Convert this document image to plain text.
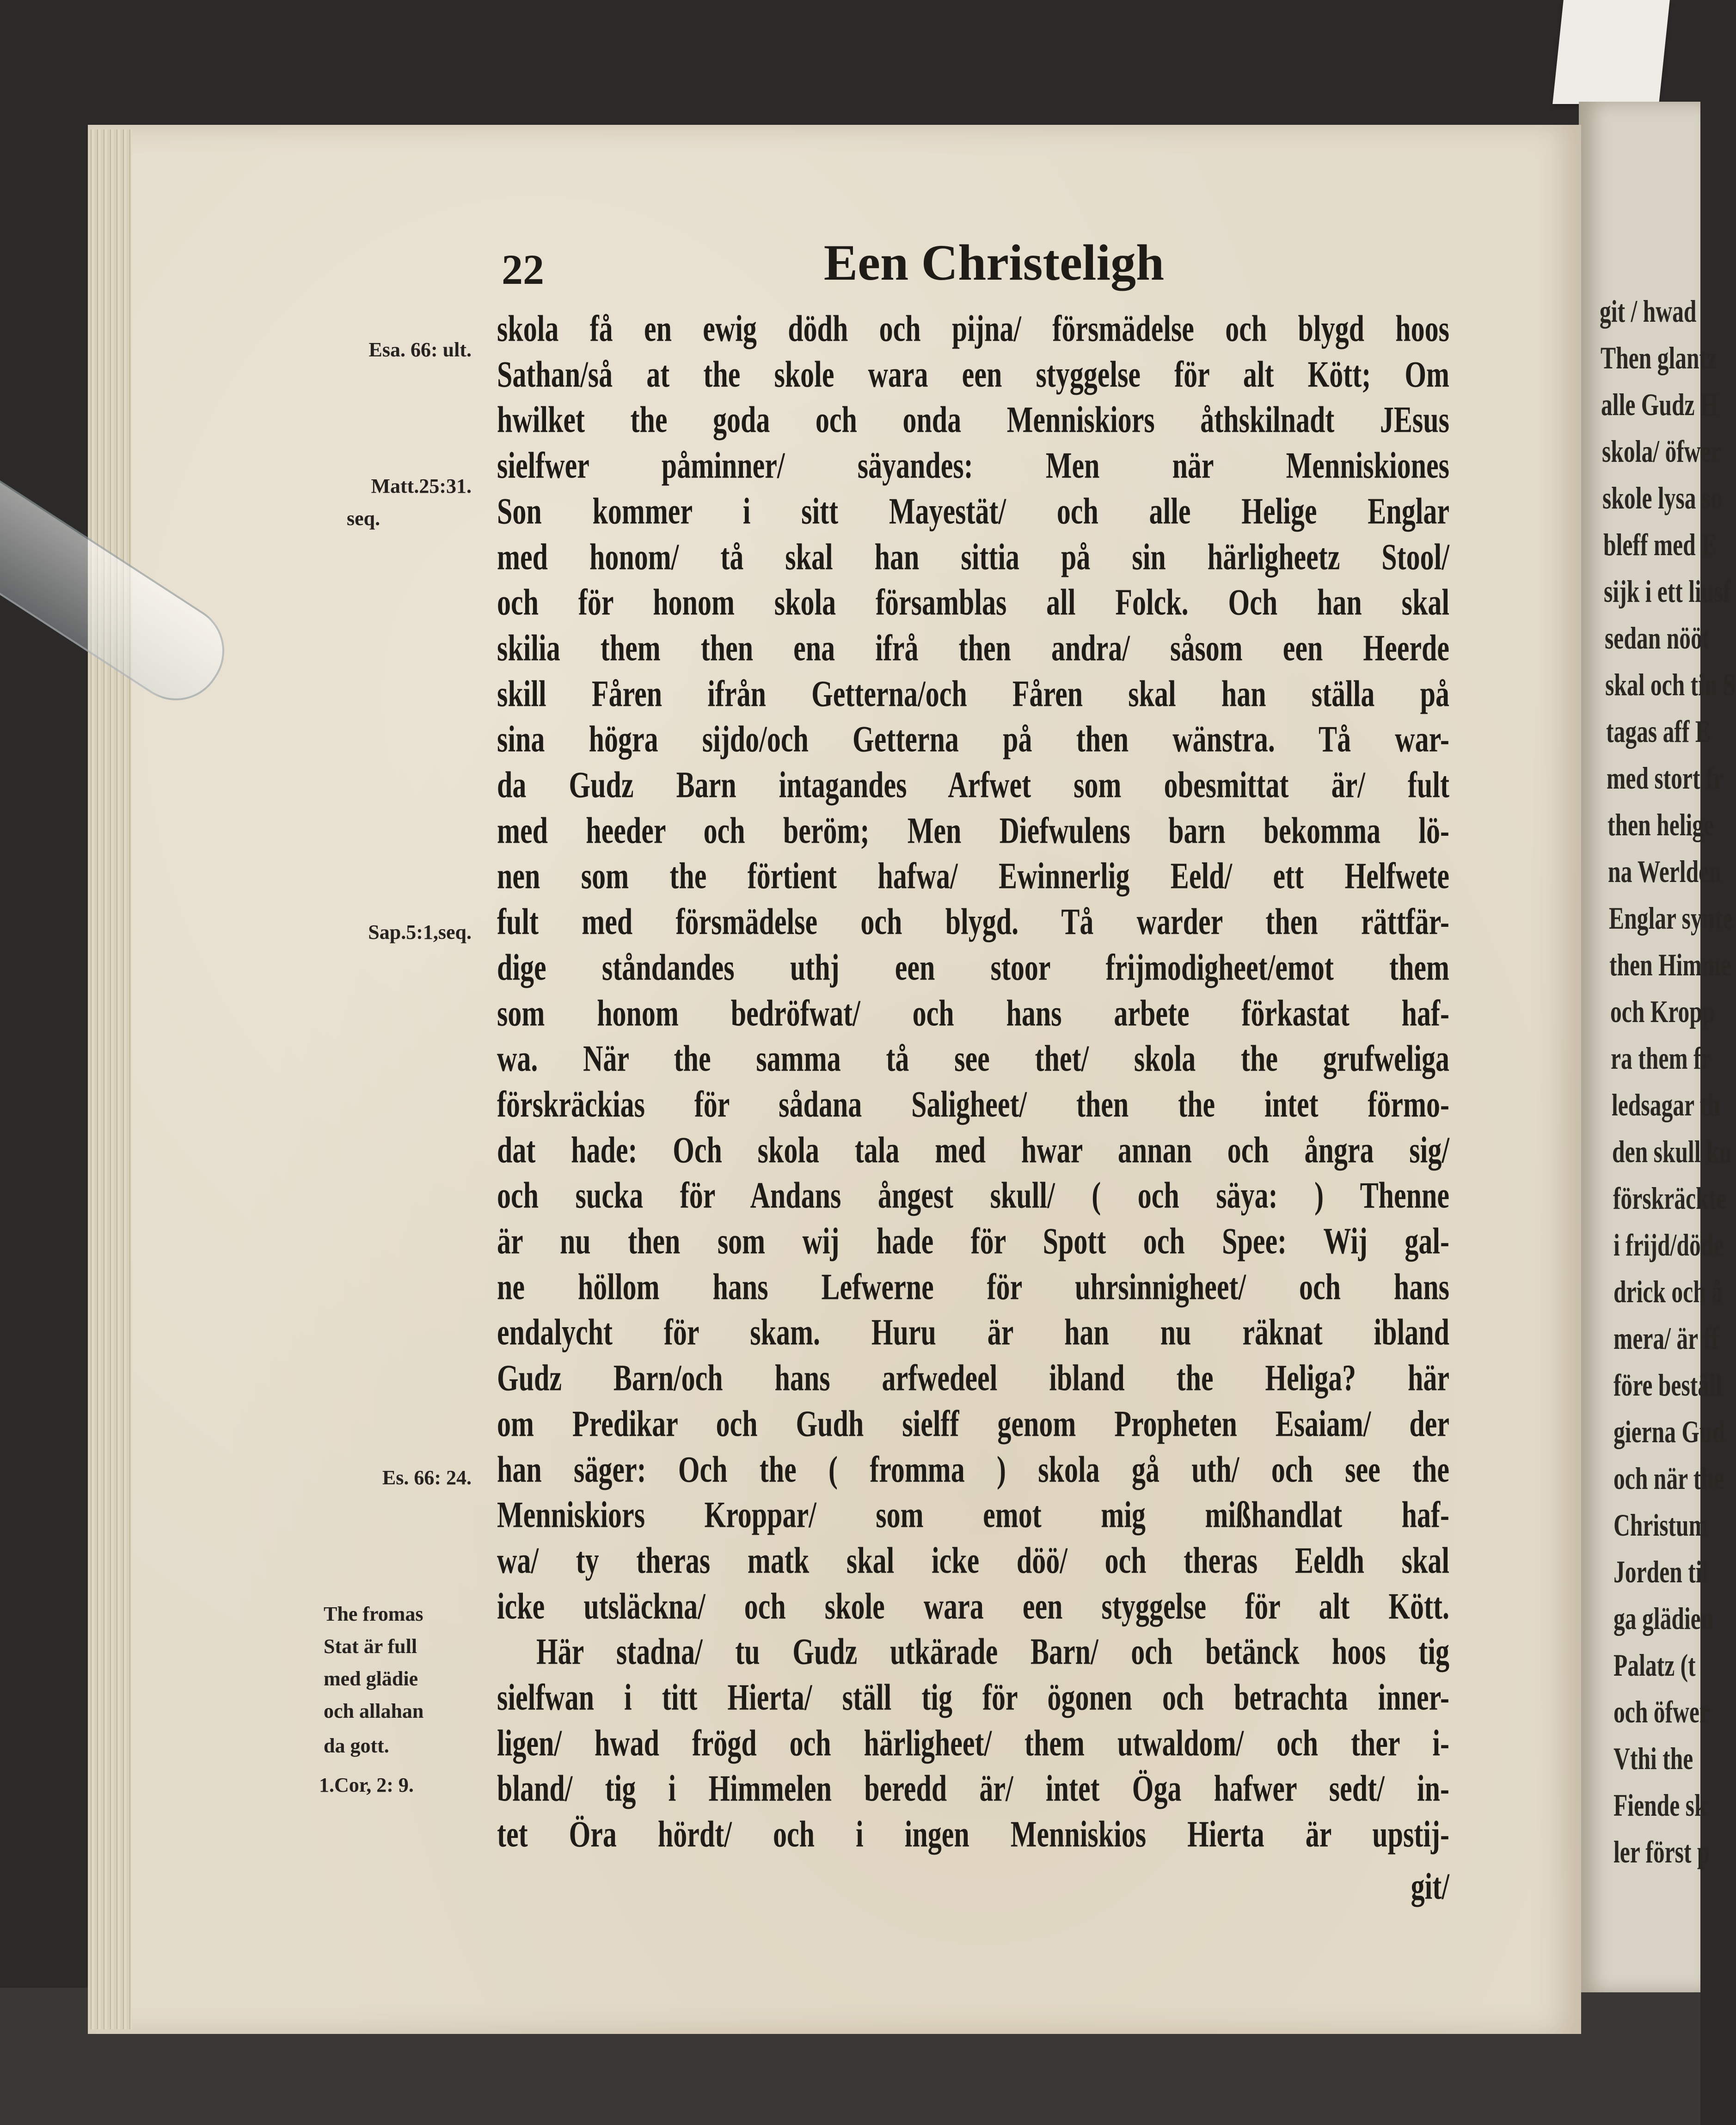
git / hwad
Then glantz
alle Gudz H
skola/ öfwer
skole lysa so
bleff med E
sijk i ett liusf
sedan nööt
skal och tin S
tagas aff E
med stort fr
then helige
na Werlden
Englar synte
then Himme
och Kropp
ra them fr
ledsagar th
den skull ku
förskräckte
i frijd/döde
drick och å
mera/ är ff
före beställ
gierna Gud
och när the
Christum
Jorden til
ga glädien
Palatz (t
och öfwer
Vthi the
Fiende sk
ler först p
22	Een Christeligh
skola få en ewig dödh och pijna/ försmädelse och blygd hoos
Sathan/så at the skole wara een styggelse för alt Kött; Om
hwilket the goda och onda Menniskiors åthskilnadt JEsus
sielfwer påminner/ säyandes: Men när Menniskiones
Son kommer i sitt Mayestät/ och alle Helige Englar
med honom/ tå skal han sittia på sin härligheetz Stool/
och för honom skola församblas all Folck. Och han skal
skilia them then ena ifrå then andra/ såsom een Heerde
skill Fåren ifrån Getterna/och Fåren skal han ställa på
sina högra sijdo/och Getterna på then wänstra. Tå war-
da Gudz Barn intagandes Arfwet som obesmittat är/ fult
med heeder och beröm; Men Diefwulens barn bekomma lö-
nen som the förtient hafwa/ Ewinnerlig Eeld/ ett Helfwete
fult med försmädelse och blygd. Tå warder then rättfär-
dige ståndandes uthj een stoor frijmodigheet/emot them
som honom bedröfwat/ och hans arbete förkastat haf-
wa. När the samma tå see thet/ skola the grufweliga
förskräckias för sådana Saligheet/ then the intet förmo-
dat hade: Och skola tala med hwar annan och ångra sig/
och sucka för Andans ångest skull/ ( och säya: ) Thenne
är nu then som wij hade för Spott och Spee: Wij gal-
ne höllom hans Lefwerne för uhrsinnigheet/ och hans
endalycht för skam. Huru är han nu räknat ibland
Gudz Barn/och hans arfwedeel ibland the Heliga? här
om Predikar och Gudh sielff genom Propheten Esaiam/ der
han säger: Och the ( fromma ) skola gå uth/ och see the
Menniskiors Kroppar/ som emot mig mißhandlat haf-
wa/ ty theras matk skal icke döö/ och theras Eeldh skal
icke utsläckna/ och skole wara een styggelse för alt Kött.
Här stadna/ tu Gudz utkärade Barn/ och betänck hoos tig
sielfwan i titt Hierta/ ställ tig för ögonen och betrachta inner-
ligen/ hwad frögd och härligheet/ them utwaldom/ och ther i-
bland/ tig i Himmelen beredd är/ intet Öga hafwer sedt/ in-
tet Öra hördt/ och i ingen Menniskios Hierta är upstij-
git/
Esa. 66: ult.
Matt.25:31.
seq.
Sap.5:1,seq.
Es. 66: 24.
The fromas
Stat är full
med glädie
och allahan
da gott.
1.Cor, 2: 9.
